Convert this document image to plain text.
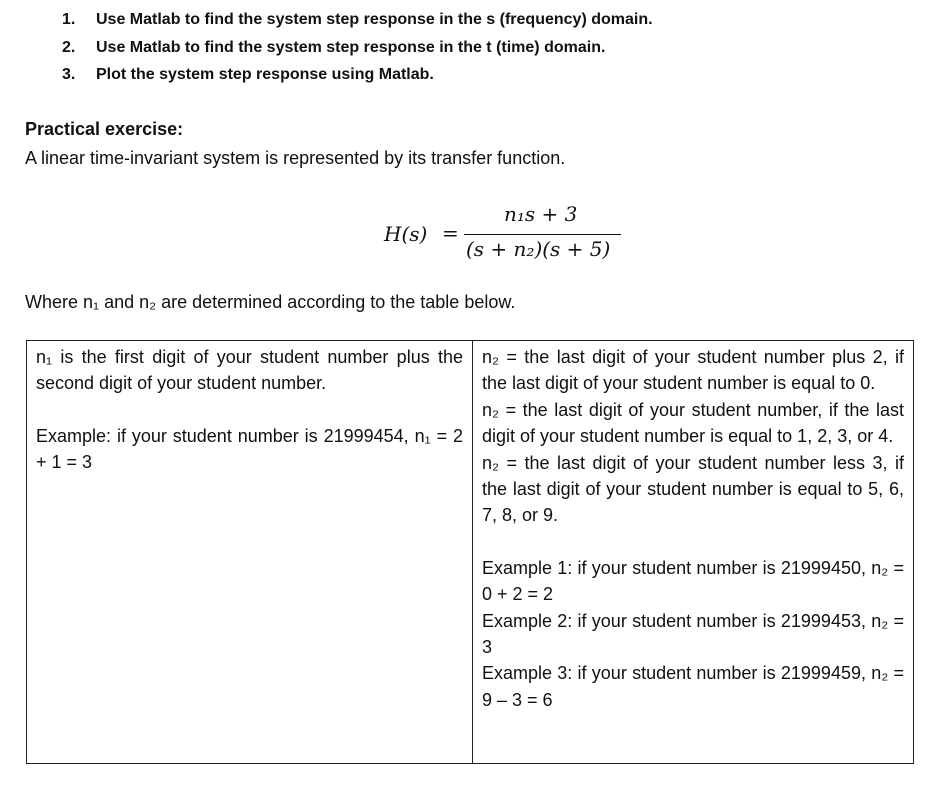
1.	Use Matlab to find the system step response in the s (frequency) domain.
2.	Use Matlab to find the system step response in the t (time) domain.
3.	Plot the system step response using Matlab.
Practical exercise:
A linear time-invariant system is represented by its transfer function.
H(s) =
n₁s + 3
(s + n₂)(s + 5)
Where n₁ and n₂ are determined according to the table below.

n₁ is the first digit of your student number plus the second digit of your student number.

Example: if your student number is 21999454, n₁ = 2 + 1 = 3

n₂ = the last digit of your student number plus 2, if the last digit of your student number is equal to 0.

n₂ = the last digit of your student number, if the last digit of your student number is equal to 1, 2, 3, or 4.

n₂ = the last digit of your student number less 3, if the last digit of your student number is equal to 5, 6, 7, 8, or 9.

Example 1: if your student number is 21999450, n₂ = 0 + 2 = 2

Example 2: if your student number is 21999453, n₂ = 3

Example 3: if your student number is 21999459, n₂ = 9 – 3 = 6
